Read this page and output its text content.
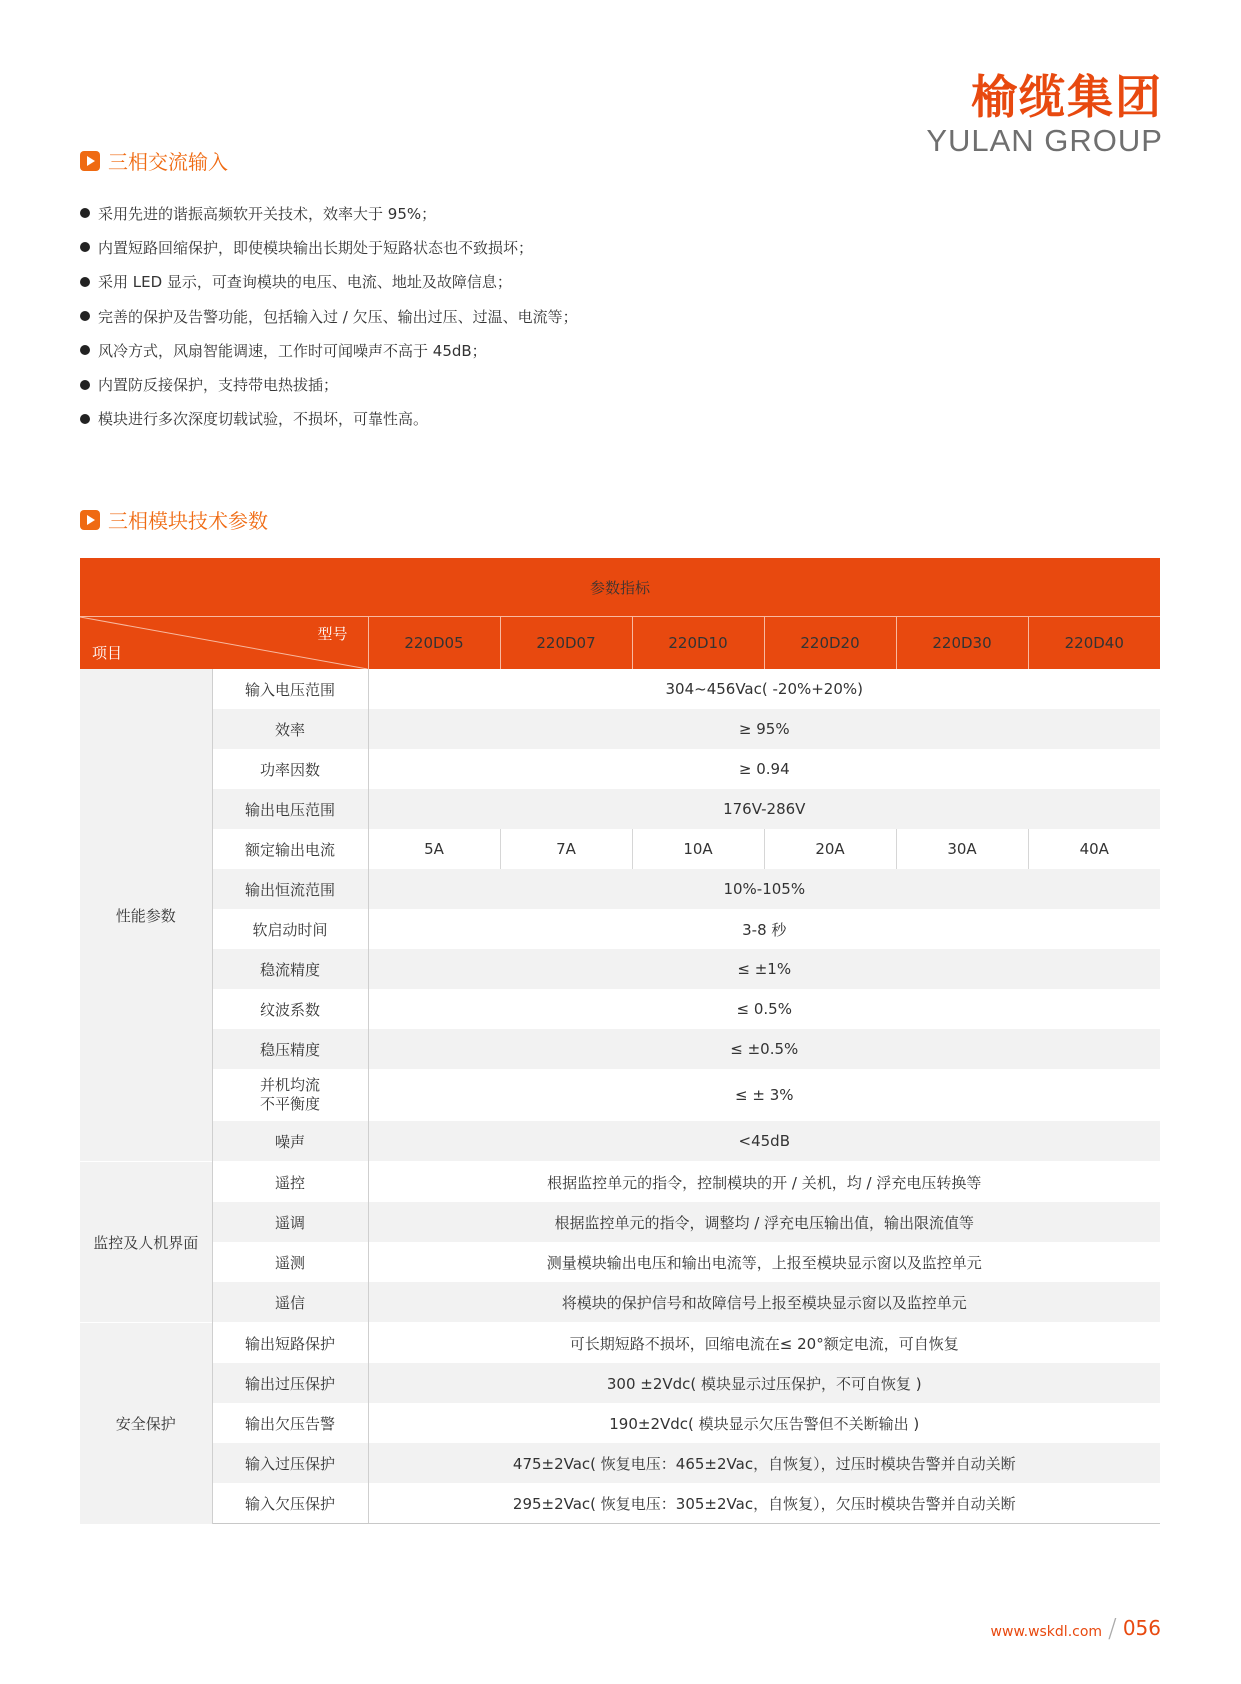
榆缆集团
YULAN GROUP
三相交流输入
采用先进的谐振高频软开关技术，效率大于 95%；
内置短路回缩保护，即使模块输出长期处于短路状态也不致损坏；
采用 LED 显示，可查询模块的电压、电流、地址及故障信息；
完善的保护及告警功能，包括输入过 / 欠压、输出过压、过温、电流等；
风冷方式，风扇智能调速，工作时可闻噪声不高于 45dB；
内置防反接保护，支持带电热拔插；
模块进行多次深度切载试验，不损坏，可靠性高。
三相模块技术参数
参数指标							

型号
项目		220D05	220D07	220D10	220D20	220D30	220D40
性能参数	输入电压范围	304~456Vac( -20%+20%)					
	效率	≥ 95%					
	功率因数	≥ 0.94					
	输出电压范围	176V-286V					
	额定输出电流	5A	7A	10A	20A	30A	40A
	输出恒流范围	10%-105%					
	软启动时间	3-8 秒					
	稳流精度	≤ ±1%					
	纹波系数	≤ 0.5%					
	稳压精度	≤ ±0.5%					
	并机均流
不平衡度	≤ ± 3%					
	噪声	<45dB					
监控及人机界面	遥控	根据监控单元的指令，控制模块的开 / 关机，均 / 浮充电压转换等					
	遥调	根据监控单元的指令，调整均 / 浮充电压输出值，输出限流值等					
	遥测	测量模块输出电压和输出电流等，上报至模块显示窗以及监控单元					
	遥信	将模块的保护信号和故障信号上报至模块显示窗以及监控单元					
安全保护	输出短路保护	可长期短路不损坏，回缩电流在≤ 20°额定电流，可自恢复					
	输出过压保护	300 ±2Vdc( 模块显示过压保护，不可自恢复 )					
	输出欠压告警	190±2Vdc( 模块显示欠压告警但不关断输出 )					
	输入过压保护	475±2Vac( 恢复电压：465±2Vac，自恢复），过压时模块告警并自动关断					
	输入欠压保护	295±2Vac( 恢复电压：305±2Vac，自恢复），欠压时模块告警并自动关断					
www.wskdl.com / 056
